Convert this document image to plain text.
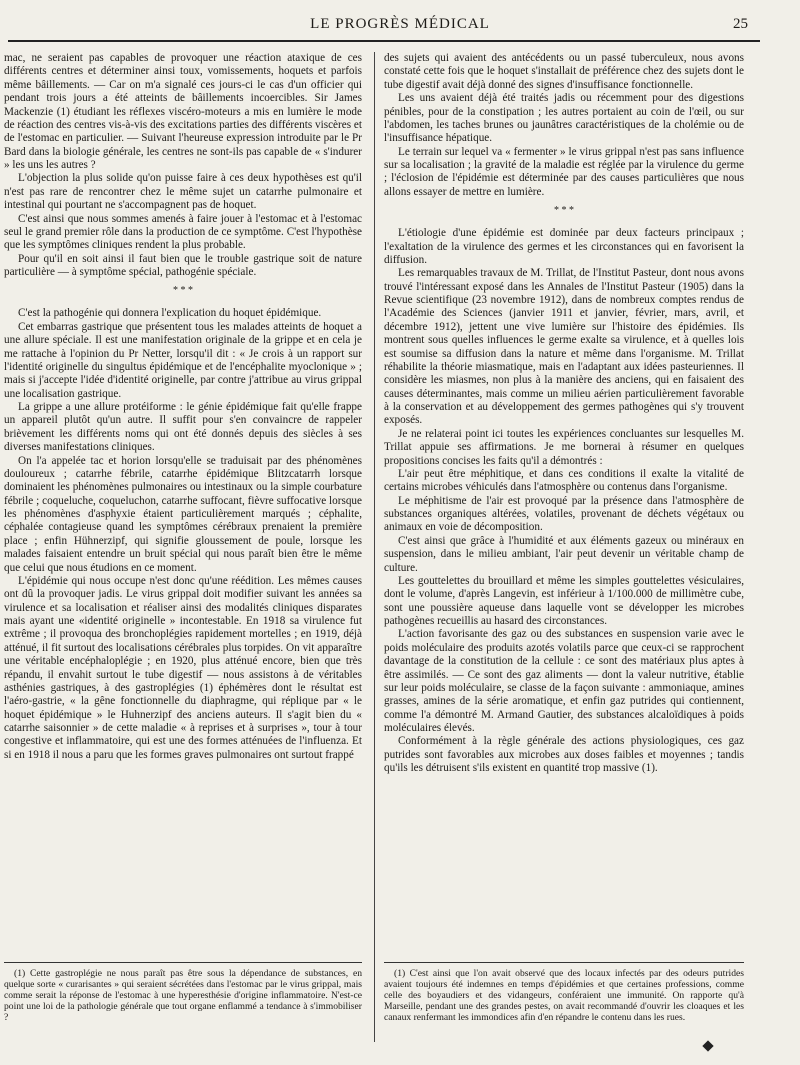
LE PROGRÈS MÉDICAL	25

mac, ne seraient pas capables de provoquer une réaction ataxique de ces différents centres et déterminer ainsi toux, vomissements, hoquets et parfois même bâillements. — Car on m'a signalé ces jours-ci le cas d'un officier qui pendant trois jours a été atteints de bâillements incoercibles. Sir James Mackenzie (1) étudiant les réflexes viscéro-moteurs a mis en lumière le mode de réaction des centres vis-à-vis des excitations parties des différents viscères et de l'estomac en particulier. — Suivant l'heureuse expression introduite par le Pr Bard dans la biologie générale, les centres ne sont-ils pas capable de « s'indurer » les uns les autres ?

L'objection la plus solide qu'on puisse faire à ces deux hypothèses est qu'il n'est pas rare de rencontrer chez le même sujet un catarrhe pulmonaire et intestinal qui pourtant ne s'accompagnent pas de hoquet.

C'est ainsi que nous sommes amenés à faire jouer à l'estomac et à l'estomac seul le grand premier rôle dans la production de ce symptôme. C'est l'hypothèse que les symptômes cliniques rendent la plus probable.

Pour qu'il en soit ainsi il faut bien que le trouble gastrique soit de nature particulière — à symptôme spécial, pathogénie spéciale.

* * *

C'est la pathogénie qui donnera l'explication du hoquet épidémique.

Cet embarras gastrique que présentent tous les malades atteints de hoquet a une allure spéciale. Il est une manifestation originale de la grippe et en cela je me rattache à l'opinion du Pr Netter, lorsqu'il dit : « Je crois à un rapport sur l'identité originelle du singultus épidémique et de l'encéphalite myoclonique » ; mais si j'accepte l'idée d'identité originelle, par contre j'attribue au virus grippal une localisation gastrique.

La grippe a une allure protéiforme : le génie épidémique fait qu'elle frappe un appareil plutôt qu'un autre. Il suffit pour s'en convaincre de rappeler brièvement les différents noms qui ont été donnés depuis des siècles à ses diverses manifestations cliniques.

On l'a appelée tac et horion lorsqu'elle se traduisait par des phénomènes douloureux ; catarrhe fébrile, catarrhe épidémique Blitzcatarrh lorsque dominaient les phénomènes pulmonaires ou intestinaux ou la simple courbature fébrile ; coqueluche, coqueluchon, catarrhe suffocant, fièvre suffocative lorsque les phénomènes d'asphyxie étaient particulièrement marqués ; céphalite, céphalée contagieuse quand les symptômes cérébraux prenaient la première place ; enfin Hühnerzipf, qui signifie gloussement de poule, lorsque les malades faisaient entendre un bruit spécial qui nous paraît bien être le même que celui que nous étudions en ce moment.

L'épidémie qui nous occupe n'est donc qu'une réédition. Les mêmes causes ont dû la provoquer jadis. Le virus grippal doit modifier suivant les années sa virulence et sa localisation et réaliser ainsi des modalités cliniques disparates mais ayant une «identité originelle » incontestable. En 1918 sa virulence fut extrême ; il provoqua des bronchoplégies rapidement mortelles ; en 1919, déjà atténué, il fit surtout des localisations cérébrales plus torpides. On vit apparaître une véritable encéphaloplégie ; en 1920, plus atténué encore, bien que très répandu, il envahit surtout le tube digestif — nous assistons à de véritables asthénies gastriques, à des gastroplégies (1) éphémères dont le résultat est l'aéro-gastrie, « la gêne fonctionnelle du diaphragme, qui réplique par « le hoquet épidémique » le Huhnerzipf des anciens auteurs. Il s'agit bien du « catarrhe saisonnier » de cette maladie « à reprises et à surprises », tour à tour congestive et inflammatoire, qui est une des formes atténuées de l'influenza. Et si en 1918 il nous a paru que les formes graves pulmonaires ont surtout frappé

des sujets qui avaient des antécédents ou un passé tuberculeux, nous avons constaté cette fois que le hoquet s'installait de préférence chez des sujets dont le tube digestif avait déjà donné des signes d'insuffisance fonctionnelle.

Les uns avaient déjà été traités jadis ou récemment pour des digestions pénibles, pour de la constipation ; les autres portaient au coin de l'œil, ou sur l'abdomen, les taches brunes ou jaunâtres caractéristiques de la cholémie ou de l'insuffisance hépatique.

Le terrain sur lequel va « fermenter » le virus grippal n'est pas sans influence sur sa localisation ; la gravité de la maladie est réglée par la virulence du germe ; l'éclosion de l'épidémie est déterminée par des causes particulières que nous allons essayer de mettre en lumière.

* * *

L'étiologie d'une épidémie est dominée par deux facteurs principaux ; l'exaltation de la virulence des germes et les circonstances qui en favorisent la diffusion.

Les remarquables travaux de M. Trillat, de l'Institut Pasteur, dont nous avons trouvé l'intéressant exposé dans les Annales de l'Institut Pasteur (1905) dans la Revue scientifique (23 novembre 1912), dans de nombreux comptes rendus de l'Académie des Sciences (janvier 1911 et janvier, février, mars, avril, et décembre 1912), jettent une vive lumière sur l'histoire des épidémies. Ils montrent sous quelles influences le germe exalte sa virulence, et à quelles lois est soumise sa diffusion dans la nature et même dans l'organisme. M. Trillat réhabilite la théorie miasmatique, mais en l'adaptant aux idées pasteuriennes. Il considère les miasmes, non plus à la manière des anciens, qui en faisaient des causes déterminantes, mais comme un milieu aérien particulièrement favorable à la conservation et au développement des germes pathogènes qui s'y trouvent exposés.

Je ne relaterai point ici toutes les expériences concluantes sur lesquelles M. Trillat appuie ses affirmations. Je me bornerai à résumer en quelques propositions concises les faits qu'il a démontrés :

L'air peut être méphitique, et dans ces conditions il exalte la vitalité de certains microbes véhiculés dans l'atmosphère ou contenus dans l'organisme.

Le méphitisme de l'air est provoqué par la présence dans l'atmosphère de substances organiques altérées, volatiles, provenant de déchets végétaux ou animaux en voie de décomposition.

C'est ainsi que grâce à l'humidité et aux éléments gazeux ou minéraux en suspension, dans le milieu ambiant, l'air peut devenir un véritable champ de culture.

Les gouttelettes du brouillard et même les simples gouttelettes vésiculaires, dont le volume, d'après Langevin, est inférieur à 1/100.000 de millimètre cube, sont une poussière aqueuse dans laquelle vont se développer les microbes pathogènes recueillis au hasard des circonstances.

L'action favorisante des gaz ou des substances en suspension varie avec le poids moléculaire des produits azotés volatils parce que ceux-ci se rapprochent davantage de la constitution de la cellule : ce sont des matériaux plus aptes à être assimilés. — Ce sont des gaz aliments — dont la valeur nutritive, établie sur leur poids moléculaire, se classe de la façon suivante : ammoniaque, amines grasses, amines de la série aromatique, et enfin gaz putrides qui contiennent, comme l'a démontré M. Armand Gautier, des substances alcaloïdiques à poids moléculaires élevés.

Conformément à la règle générale des actions physiologiques, ces gaz putrides sont favorables aux microbes aux doses faibles et moyennes ; tandis qu'ils les détruisent s'ils existent en quantité trop massive (1).

(1) Cette gastroplégie ne nous paraît pas être sous la dépendance de substances, en quelque sorte « curarisantes » qui seraient sécrétées dans l'estomac par le virus grippal, mais comme serait la réponse de l'estomac à une hyperesthésie d'origine inflammatoire. N'est-ce point une loi de la pathologie générale que tout organe enflammé a tendance à s'immobiliser ?

(1) C'est ainsi que l'on avait observé que des locaux infectés par des odeurs putrides avaient toujours été indemnes en temps d'épidémies et que certaines professions, comme celle des boyaudiers et des vidangeurs, conféraient une immunité. On rapporte qu'à Marseille, pendant une des grandes pestes, on avait recommandé d'ouvrir les cloaques et les canaux renfermant les immondices afin d'en répandre le contenu dans les rues.
